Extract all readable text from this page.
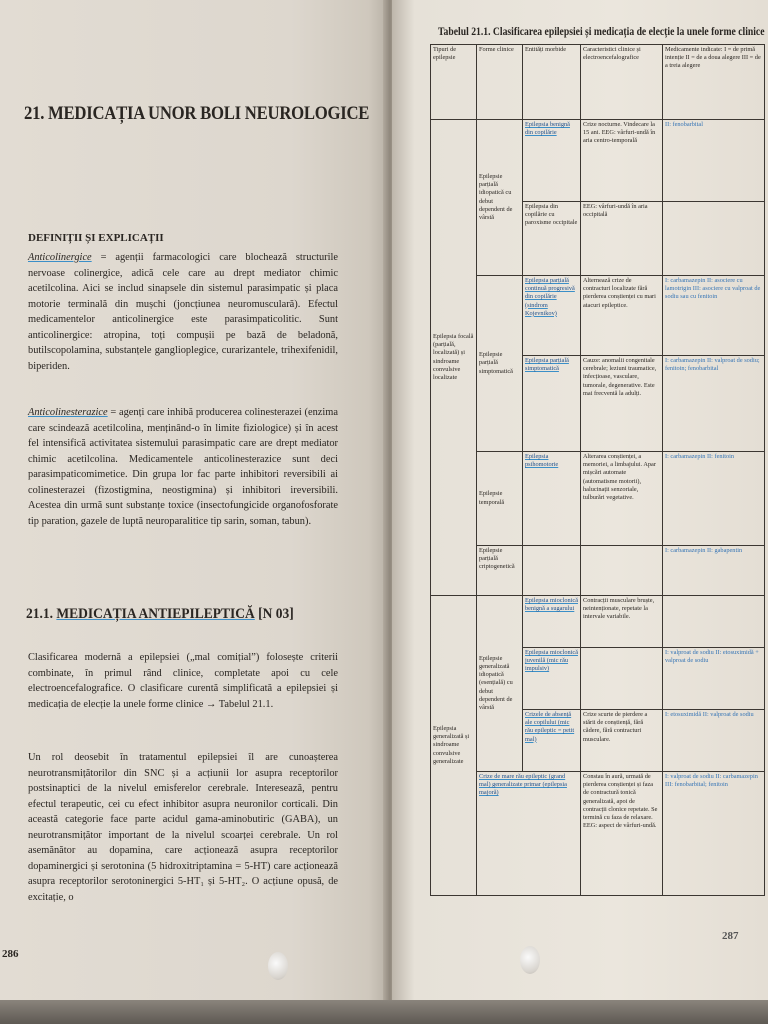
21. MEDICAȚIA UNOR BOLI NEUROLOGICE
DEFINIȚII ȘI EXPLICAȚII

Anticolinergice = agenții farmacologici care blochează structurile nervoase colinergice, adică cele care au drept mediator chimic acetilcolina. Aici se includ sinapsele din sistemul parasimpatic și placa motorie terminală din mușchi (joncțiunea neuromusculară). Efectul medicamentelor anticolinergice este parasimpaticolitic. Sunt anticolinergice: atropina, toți compușii pe bază de beladonă, butilscopolamina, substanțele ganglioplegice, curarizantele, trihexifenidil, biperiden.

Anticolinesterazice = agenți care inhibă producerea colinesterazei (enzima care scindează acetilcolina, menținând-o în limite fiziologice) și în acest fel intensifică activitatea sistemului parasimpatic care are drept mediator chimic acetilcolina. Medicamentele anticolinesterazice sunt deci parasimpaticomimetice. Din grupa lor fac parte inhibitori reversibili ai colinesterazei (fizostigmina, neostigmina) și inhibitori ireversibili. Acestea din urmă sunt substanțe toxice (insectofungicide organofosforate tip paration, gazele de luptă neuroparalitice tip sarin, soman, tabun).

21.1. MEDICAȚIA ANTIEPILEPTICĂ [N 03]

Clasificarea modernă a epilepsiei („mal comițial”) folosește criterii combinate, în primul rând clinice, completate apoi cu cele electroencefalografice. O clasificare curentă simplificată a epilepsiei și medicația de elecție la unele forme clinice → Tabelul 21.1.

Un rol deosebit în tratamentul epilepsiei îl are cunoașterea neurotransmițătorilor din SNC și a acțiunii lor asupra receptorilor postsinaptici de la nivelul emisferelor cerebrale. Interesează, pentru efectul terapeutic, cei cu efect inhibitor asupra neuronilor corticali. Din această categorie face parte acidul gama-aminobutiric (GABA), un neurotransmițător important de la nivelul scoarței cerebrale. Un rol asemănător au dopamina, care acționează asupra receptorilor dopaminergici și serotonina (5 hidroxitriptamina = 5-HT) care acționează asupra receptorilor serotoninergici 5-HT₁ și 5-HT₂. O acțiune opusă, de excitație, o

286
Tabelul 21.1. Clasificarea epilepsiei și medicația de elecție la unele forme clinice
Tipuri de epilepsie	Forme clinice	Entități morbide	Caracteristici clinice și electroencefalografice	Medicamente indicate: I = de primă intenție II = de a doua alegere III = de a treia alegere
Epilepsia focală (parțială, localizată) și sindroame convulsive localizate	Epilepsie parțială idiopatică cu debut dependent de vârstă	Epilepsia benignă din copilărie	Crize nocturne. Vindecare la 15 ani. EEG: vârfuri-undă în aria centro-temporală	II: fenobarbital
		Epilepsia din copilărie cu paroxisme occipitale	EEG: vârfuri-undă în aria occipitală	
	Epilepsie parțială simptomatică	Epilepsia parțială continuă progresivă din copilărie (sindrom Kojevnikov)	Alternează crize de contracturi localizate fără pierderea conștienței cu mari atacuri epileptice.	I: carbamazepin II: asociere cu lamotrigin III: asociere cu valproat de sodiu sau cu fenitoin
		Epilepsia parțială simptomatică	Cauze: anomalii congenitale cerebrale; leziuni traumatice, infecțioase, vasculare, tumorale, degenerative. Este mai frecventă la adulți.	I: carbamazepin II: valproat de sodiu; fenitoin; fenobarbital
	Epilepsie temporală	Epilepsia psihomotorie	Alterarea conștienței, a memoriei, a limbajului. Apar mișcări automate (automatisme motorii), halucinații senzoriale, tulburări vegetative.	I: carbamazepin II: fenitoin
	Epilepsie parțială criptogenetică			I: carbamazepin II: gabapentin
Epilepsia generalizată și sindroame convulsive generalizate	Epilepsie generalizată idiopatică (esențială) cu debut dependent de vârstă	Epilepsia mioclonică benignă a sugarului	Contracții musculare bruște, neintenționate, repetate la intervale variabile.	
		Epilepsia mioclonică juvenilă (mic rău impulsiv)		I: valproat de sodiu II: etosuximidă + valproat de sodiu
		Crizele de absență ale copilului (mic rău epileptic = petit mal)	Crize scurte de pierdere a stării de conștiență, fără cădere, fără contracturi musculare.	I: etosuximidă II: valproat de sodiu
	Crize de mare rău epileptic (grand mal) generalizate primar (epilepsia majoră)		Constau în aură, urmată de pierderea conștienței și faza de contractură tonică generalizată, apoi de contracții clonice repetate. Se termină cu faza de relaxare. EEG: aspect de vârfuri-undă.	I: valproat de sodiu II: carbamazepin III: fenobarbital; fenitoin
287
